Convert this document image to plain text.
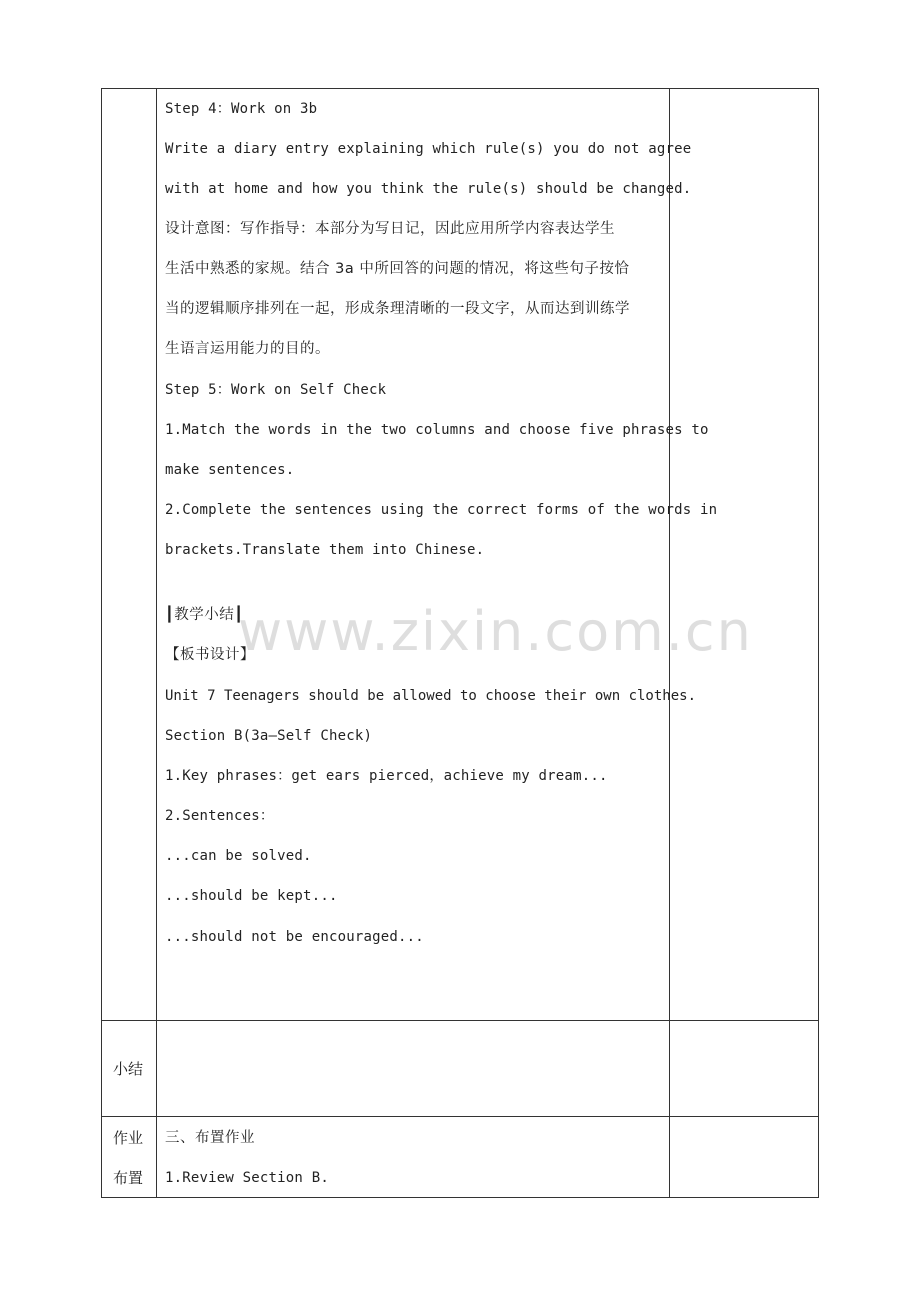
Step 4：Work on 3b
Write a diary entry explaining which rule(s) you do not agree
with at home and how you think the rule(s) should be changed.
设计意图：写作指导：本部分为写日记，因此应用所学内容表达学生
生活中熟悉的家规。结合 3a 中所回答的问题的情况，将这些句子按恰
当的逻辑顺序排列在一起，形成条理清晰的一段文字，从而达到训练学
生语言运用能力的目的。
Step 5：Work on Self Check
1.Match the words in the two columns and choose five phrases to
make sentences.
2.Complete the sentences using the correct forms of the words in
brackets.Translate them into Chinese.
┃教学小结┃
【板书设计】
Unit 7 Teenagers should be allowed to choose their own clothes.
Section B(3a—Self Check)
1.Key phrases：get ears pierced，achieve my dream...
2.Sentences：
...can be solved.
...should be kept...
...should not be encouraged...
小结
作业
布置
三、布置作业
1.Review Section B.
www.zixin.com.cn
